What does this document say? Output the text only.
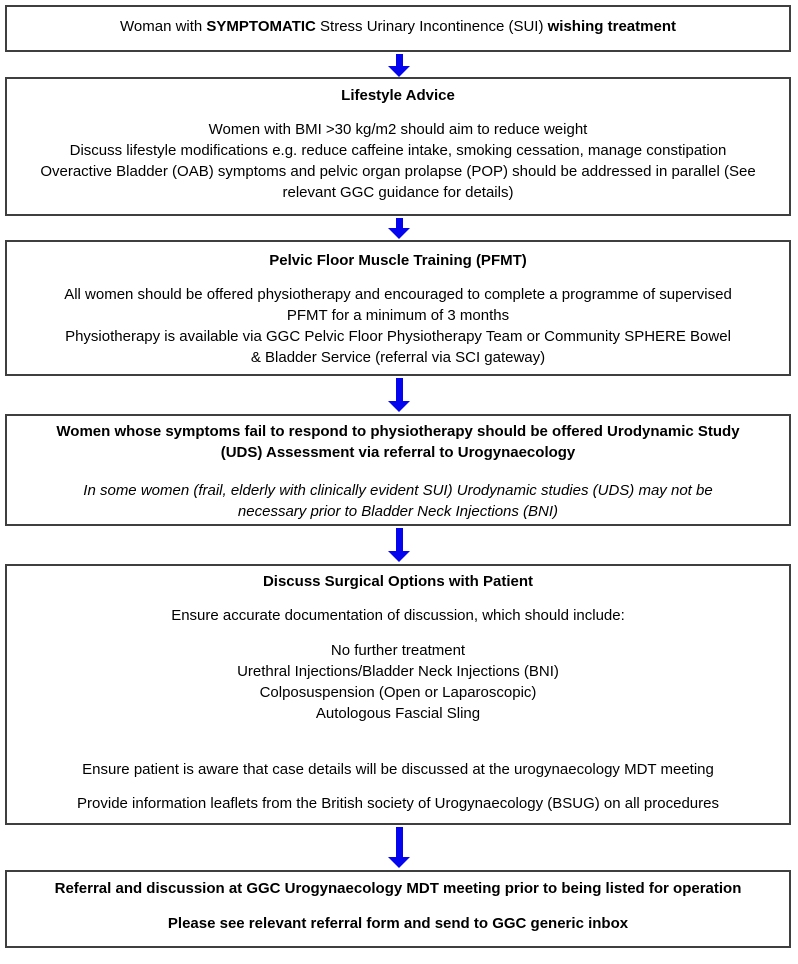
Woman with SYMPTOMATIC Stress Urinary Incontinence (SUI) wishing treatment

Lifestyle Advice

Women with BMI >30 kg/m2 should aim to reduce weight

Discuss lifestyle modifications e.g. reduce caffeine intake, smoking cessation, manage constipation

Overactive Bladder (OAB) symptoms and pelvic organ prolapse (POP) should be addressed in parallel (See relevant GGC guidance for details)

Pelvic Floor Muscle Training (PFMT)

All women should be offered physiotherapy and encouraged to complete a programme of supervised PFMT for a minimum of 3 months

Physiotherapy is available via GGC Pelvic Floor Physiotherapy Team or Community SPHERE Bowel & Bladder Service (referral via SCI gateway)

Women whose symptoms fail to respond to physiotherapy should be offered Urodynamic Study (UDS) Assessment via referral to Urogynaecology

In some women (frail, elderly with clinically evident SUI) Urodynamic studies (UDS) may not be necessary prior to Bladder Neck Injections (BNI)

Discuss Surgical Options with Patient

Ensure accurate documentation of discussion, which should include:

No further treatment

Urethral Injections/Bladder Neck Injections (BNI)

Colposuspension (Open or Laparoscopic)

Autologous Fascial Sling

Ensure patient is aware that case details will be discussed at the urogynaecology MDT meeting

Provide information leaflets from the British society of Urogynaecology (BSUG) on all procedures

Referral and discussion at GGC Urogynaecology MDT meeting prior to being listed for operation

Please see relevant referral form and send to GGC generic inbox
